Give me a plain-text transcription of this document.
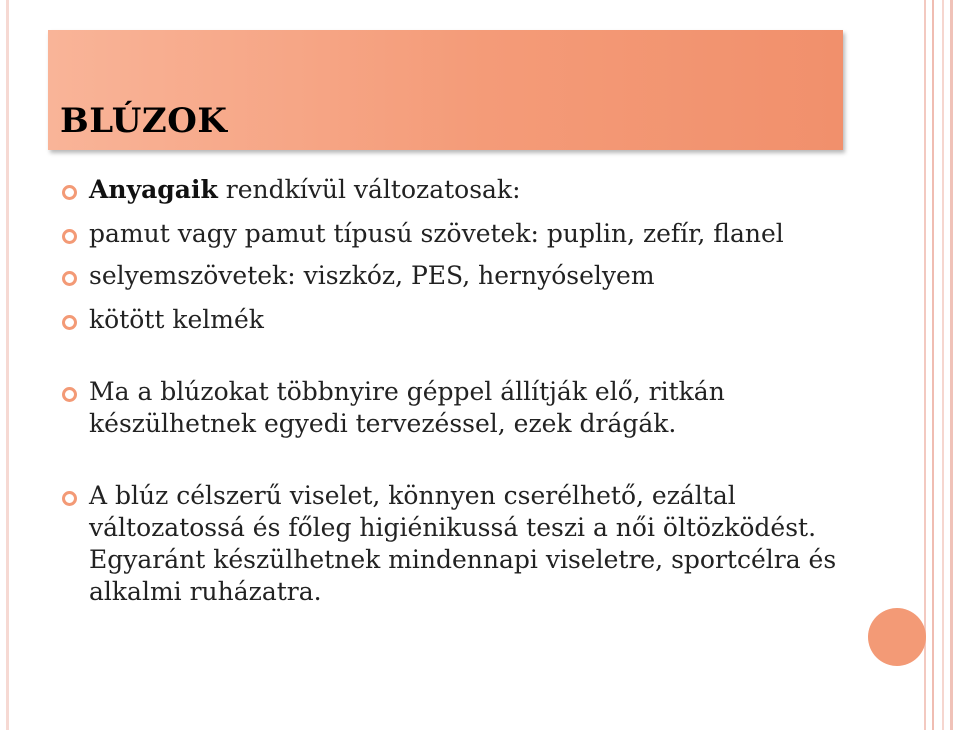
BLÚZOK
Anyagaik rendkívül változatosak:
pamut vagy pamut típusú szövetek: puplin, zefír, flanel
selyemszövetek: viszkóz, PES, hernyóselyem
kötött kelmék
Ma a blúzokat többnyire géppel állítják elő, ritkán készülhetnek egyedi tervezéssel, ezek drágák.
A blúz célszerű viselet, könnyen cserélhető, ezáltal változatossá és főleg higiénikussá teszi a női öltözködést. Egyaránt készülhetnek mindennapi viseletre, sportcélra és alkalmi ruházatra.
